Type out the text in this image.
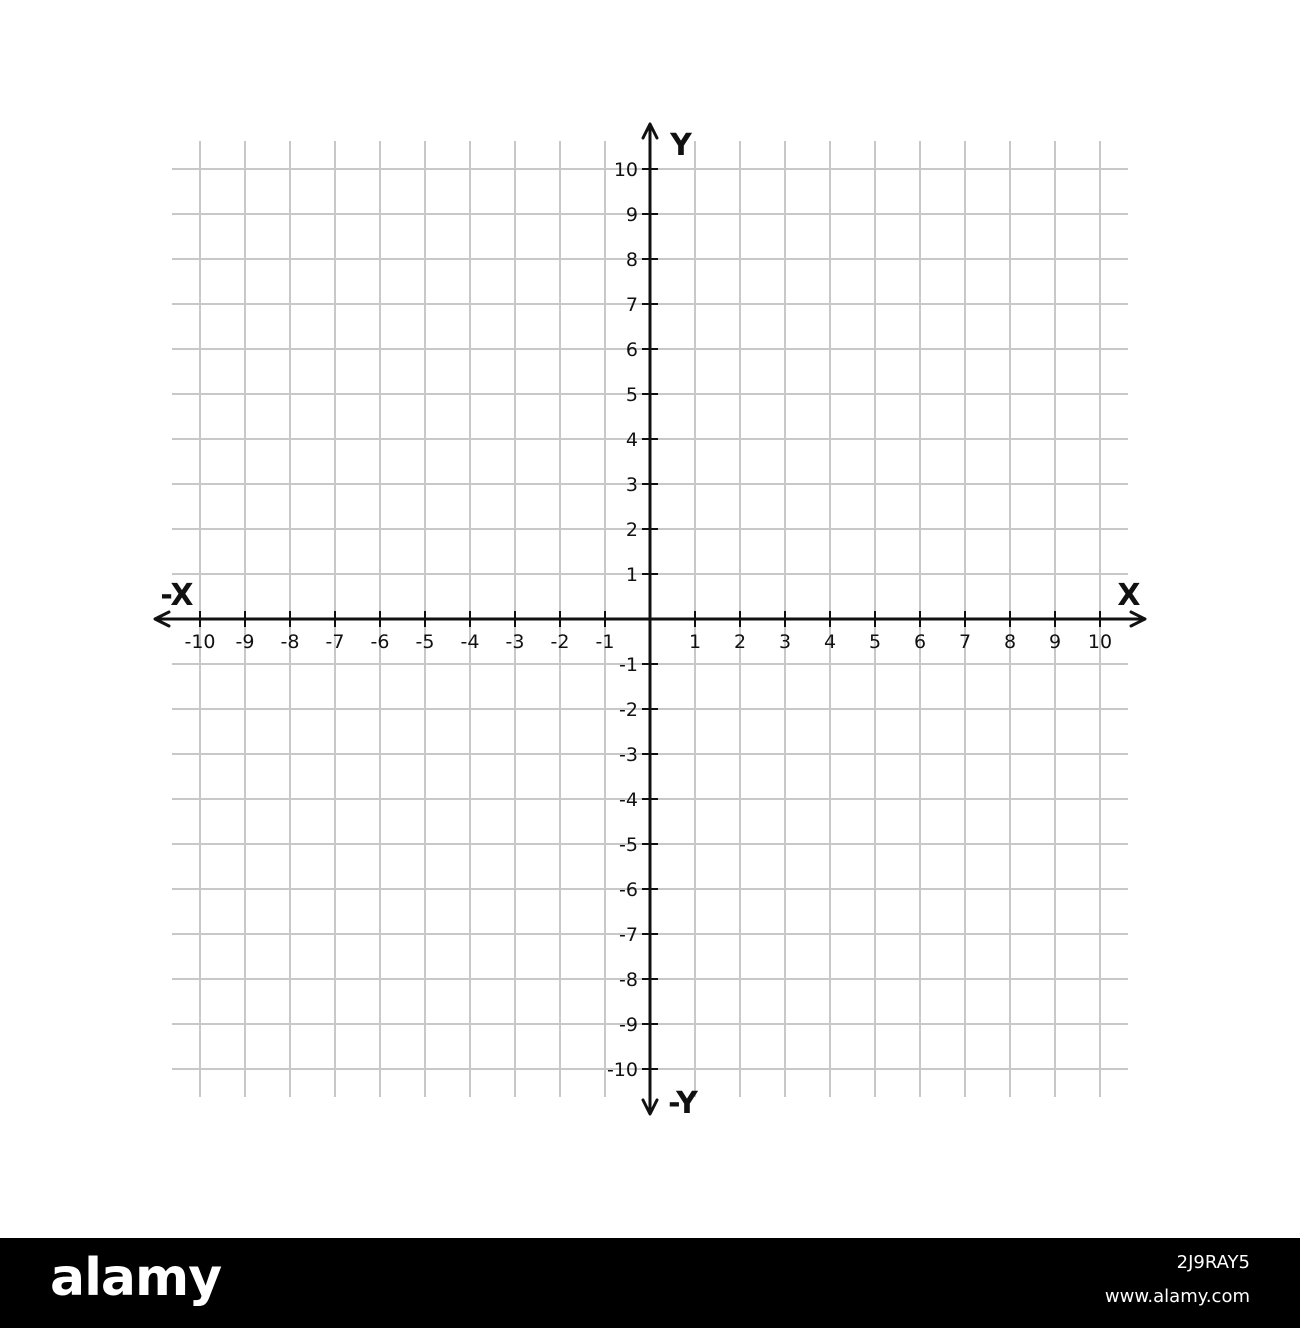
-10 -9 -8 -7 -6 -5 -4 -3 -2 -1	1 2 3 4 5 6 7 8 9 10
10
9
8
7
6
5
4
3
2
1
-1
-2
-3
-4
-5
-6
-7
-8
-9
-10
X
-X
Y
-Y
alamy	2J9RAY5
www.alamy.com
